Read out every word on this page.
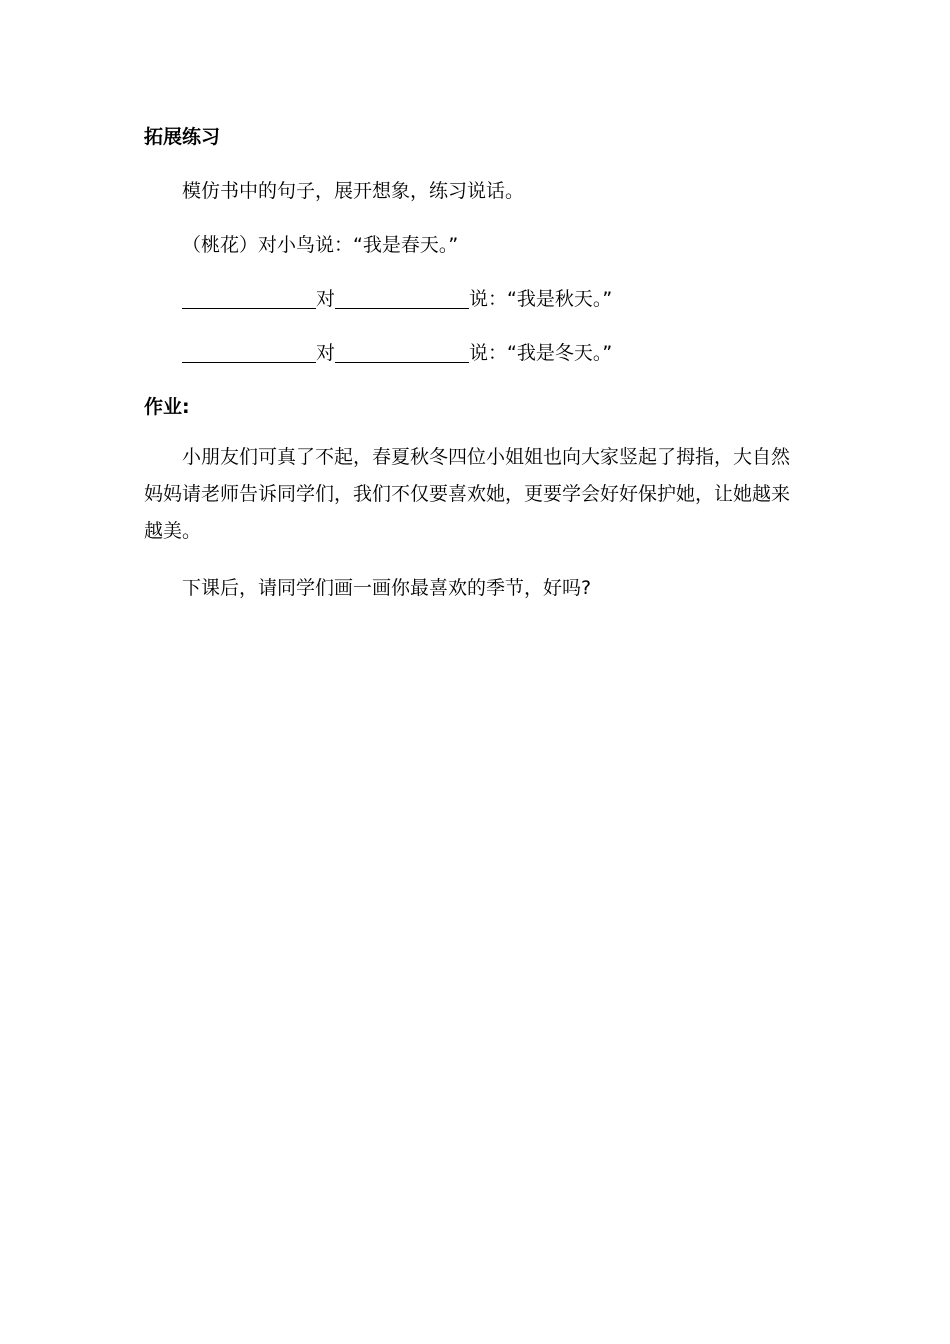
拓展练习

模仿书中的句子，展开想象，练习说话。

（桃花）对小鸟说：“我是春天。”

对	说：“我是秋天。”

对	说：“我是冬天。”

作业:

小朋友们可真了不起，春夏秋冬四位小姐姐也向大家竖起了拇指，大自然妈妈请老师告诉同学们，我们不仅要喜欢她，更要学会好好保护她，让她越来越美。

下课后，请同学们画一画你最喜欢的季节，好吗?
